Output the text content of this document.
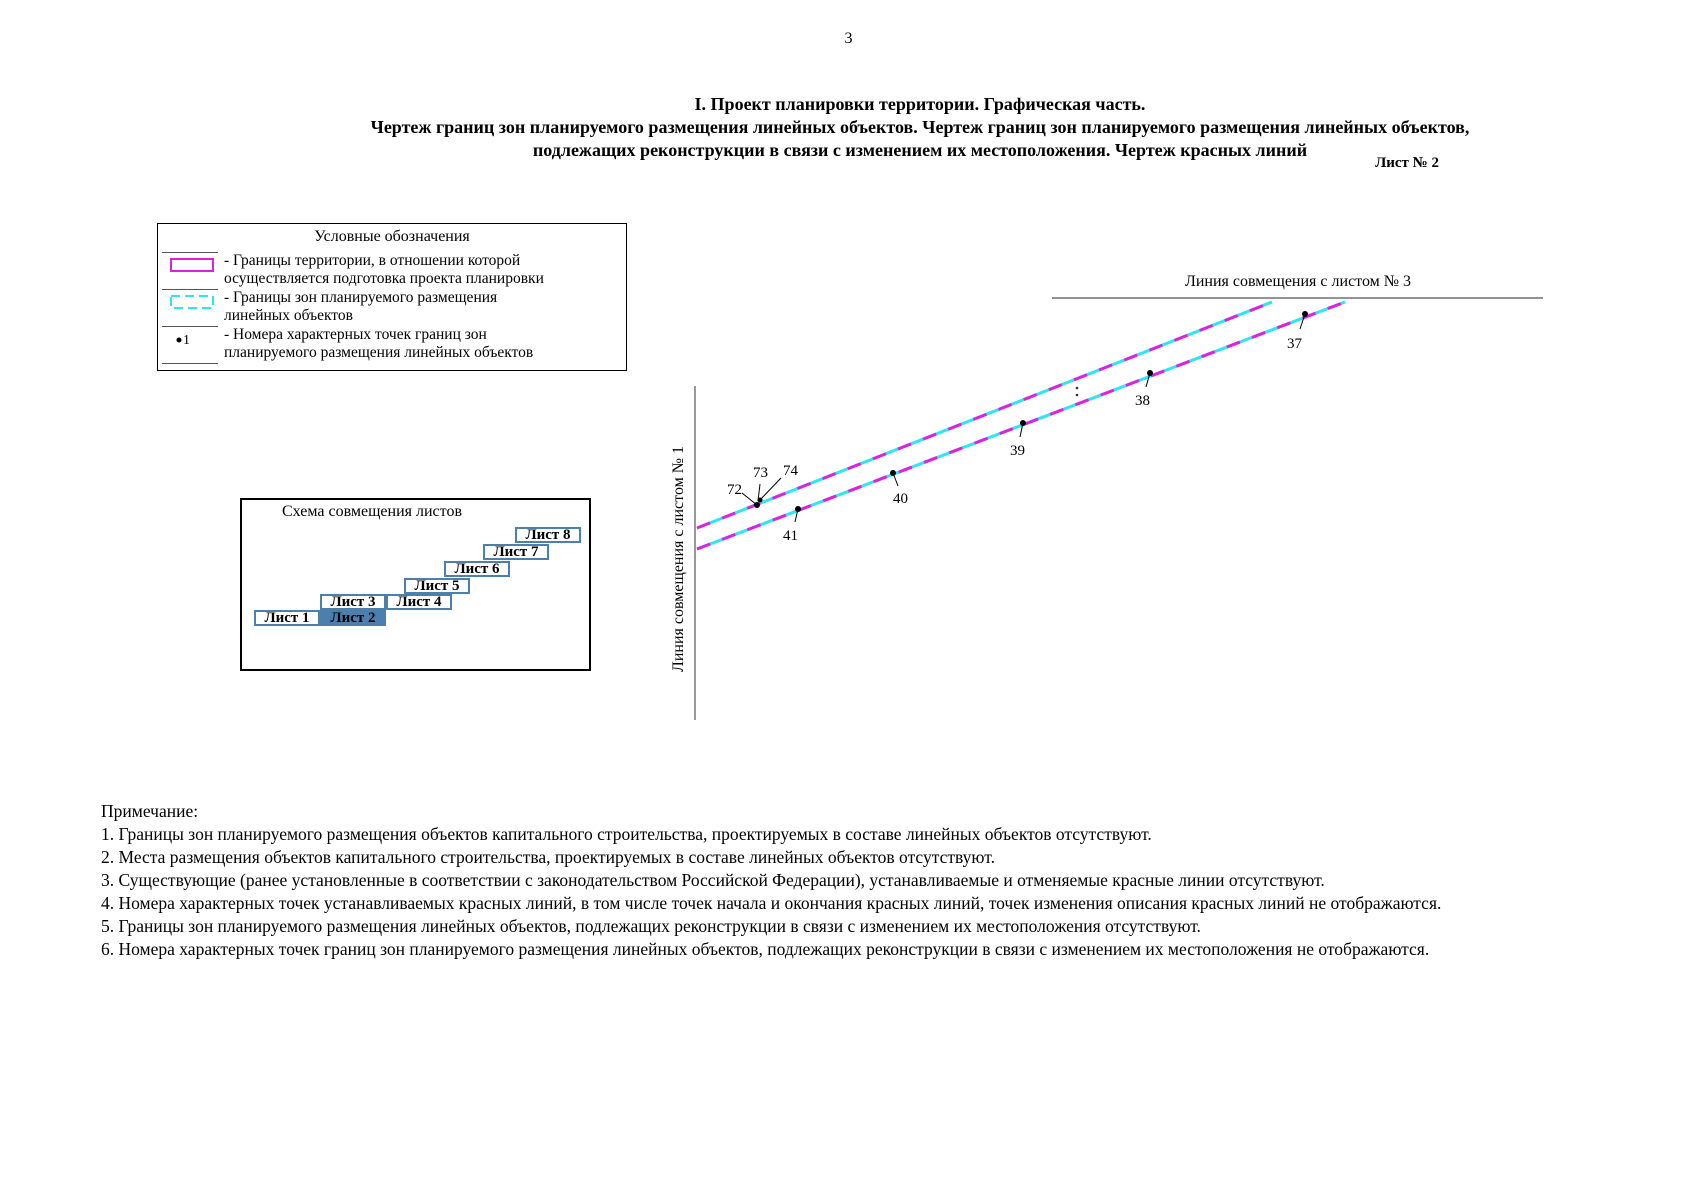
3
I. Проект планировки территории. Графическая часть.
Чертеж границ зон планируемого размещения линейных объектов. Чертеж границ зон планируемого размещения линейных объектов,
подлежащих реконструкции в связи с изменением их местоположения. Чертеж красных линий
Лист № 2
Условные обозначения
- Границы территории, в отношении которой
осуществляется подготовка проекта планировки
- Границы зон планируемого размещения
линейных объектов
1 - Номера характерных точек границ зон
планируемого размещения линейных объектов
Схема совмещения листов
Лист 1	Лист 2
Лист 3	Лист 4
Лист 5
Лист 6
Лист 7
Лист 8
Линия совмещения с листом № 3
Линия совмещения с листом № 1	72
73 74
41
40
39
38
37
Примечание:
1. Границы зон планируемого размещения объектов капитального строительства, проектируемых в составе линейных объектов отсутствуют.
2. Места размещения объектов капитального строительства, проектируемых в составе линейных объектов отсутствуют.
3. Существующие (ранее установленные в соответствии с законодательством Российской Федерации), устанавливаемые и отменяемые красные линии отсутствуют.
4. Номера характерных точек устанавливаемых красных линий, в том числе точек начала и окончания красных линий, точек изменения описания красных линий не отображаются.
5. Границы зон планируемого размещения линейных объектов, подлежащих реконструкции в связи с изменением их местоположения отсутствуют.
6. Номера характерных точек границ зон планируемого размещения линейных объектов, подлежащих реконструкции в связи с изменением их местоположения не отображаются.
